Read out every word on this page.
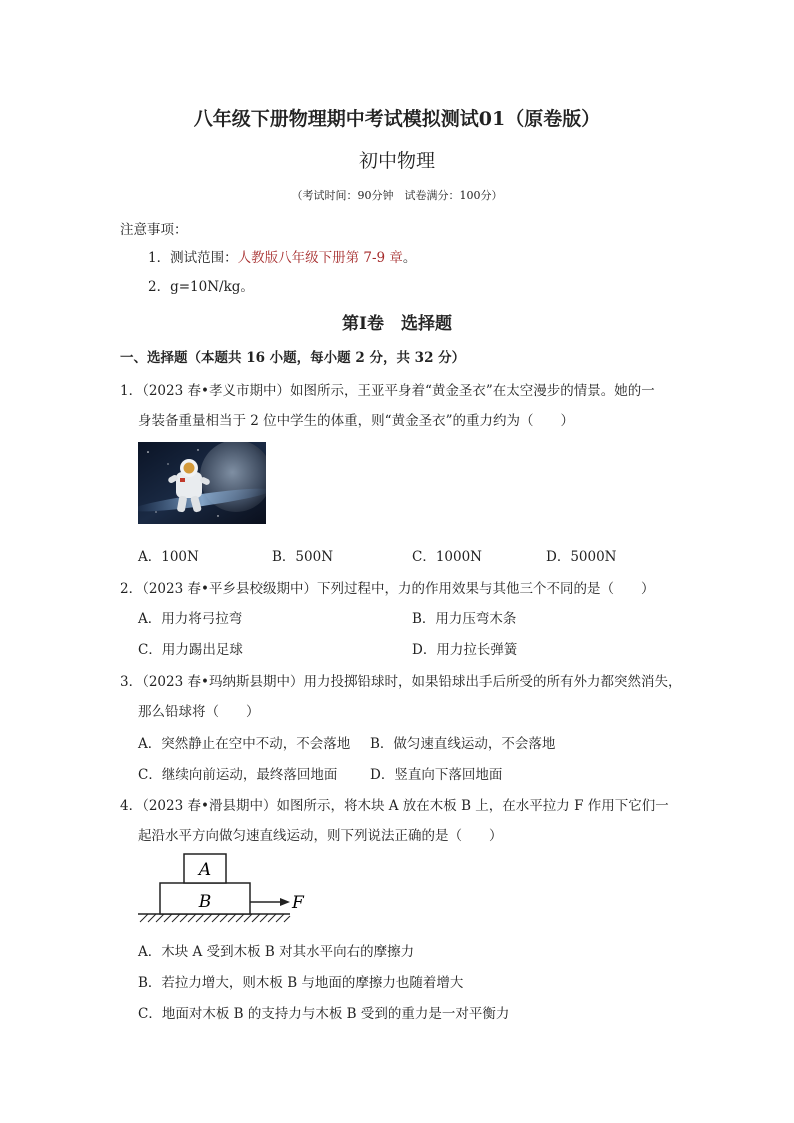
八年级下册物理期中考试模拟测试01（原卷版）
初中物理
（考试时间：90分钟　试卷满分：100分）
注意事项：
1．测试范围：人教版八年级下册第 7-9 章。
2．g=10N/kg。
第Ⅰ卷　选择题
一、选择题（本题共 16 小题，每小题 2 分，共 32 分）
1．（2023 春•孝义市期中）如图所示，王亚平身着“黄金圣衣”在太空漫步的情景。她的一
身装备重量相当于 2 位中学生的体重，则“黄金圣衣”的重力约为（　　）
A．100N	B．500N	C．1000N	D．5000N
2．（2023 春•平乡县校级期中）下列过程中，力的作用效果与其他三个不同的是（　　）
A．用力将弓拉弯	B．用力压弯木条
C．用力踢出足球	D．用力拉长弹簧
3．（2023 春•玛纳斯县期中）用力投掷铅球时，如果铅球出手后所受的所有外力都突然消失，
那么铅球将（　　）
A．突然静止在空中不动，不会落地 B．做匀速直线运动，不会落地
C．继续向前运动，最终落回地面 D．竖直向下落回地面
4．（2023 春•滑县期中）如图所示，将木块 A 放在木板 B 上，在水平拉力 F 作用下它们一
起沿水平方向做匀速直线运动，则下列说法正确的是（　　）
A
B	F
A．木块 A 受到木板 B 对其水平向右的摩擦力
B．若拉力增大，则木板 B 与地面的摩擦力也随着增大
C．地面对木板 B 的支持力与木板 B 受到的重力是一对平衡力
